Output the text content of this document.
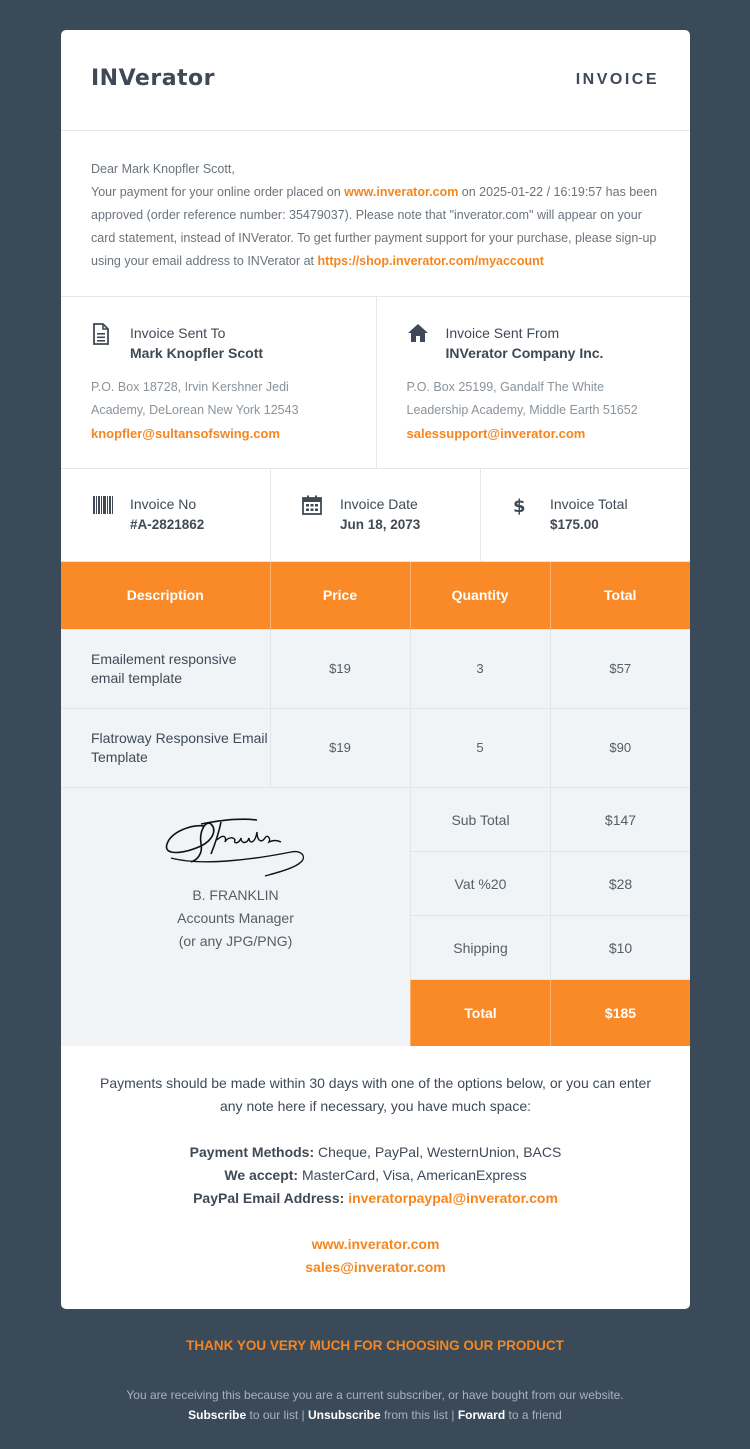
INVerator	INVOICE
Dear Mark Knopfler Scott,
Your payment for your online order placed on www.inverator.com on 2025-01-22 / 16:19:57 has been approved (order reference number: 35479037). Please note that "inverator.com" will appear on your card statement, instead of INVerator. To get further payment support for your purchase, please sign-up using your email address to INVerator at https://shop.inverator.com/myaccount
Invoice Sent To
Mark Knopfler Scott
P.O. Box 18728, Irvin Kershner Jedi Academy, DeLorean New York 12543
knopfler@sultansofswing.com
Invoice Sent From
INVerator Company Inc.
P.O. Box 25199, Gandalf The White Leadership Academy, Middle Earth 51652
salessupport@inverator.com
Invoice No
#A-2821862
Invoice Date
Jun 18, 2073
$ Invoice Total
$175.00
Description	Price	Quantity	Total
Emailement responsive email template	$19	3	$57
Flatroway Responsive Email Template	$19	5	$90
B. FRANKLIN
Accounts Manager
(or any JPG/PNG)
Sub Total	$147
Vat %20	$28
Shipping	$10
Total	$185
Payments should be made within 30 days with one of the options below, or you can enter any note here if necessary, you have much space:
Payment Methods: Cheque, PayPal, WesternUnion, BACS
We accept: MasterCard, Visa, AmericanExpress
PayPal Email Address: inveratorpaypal@inverator.com
www.inverator.com
sales@inverator.com
THANK YOU VERY MUCH FOR CHOOSING OUR PRODUCT
You are receiving this because you are a current subscriber, or have bought from our website.
Subscribe to our list | Unsubscribe from this list | Forward to a friend
